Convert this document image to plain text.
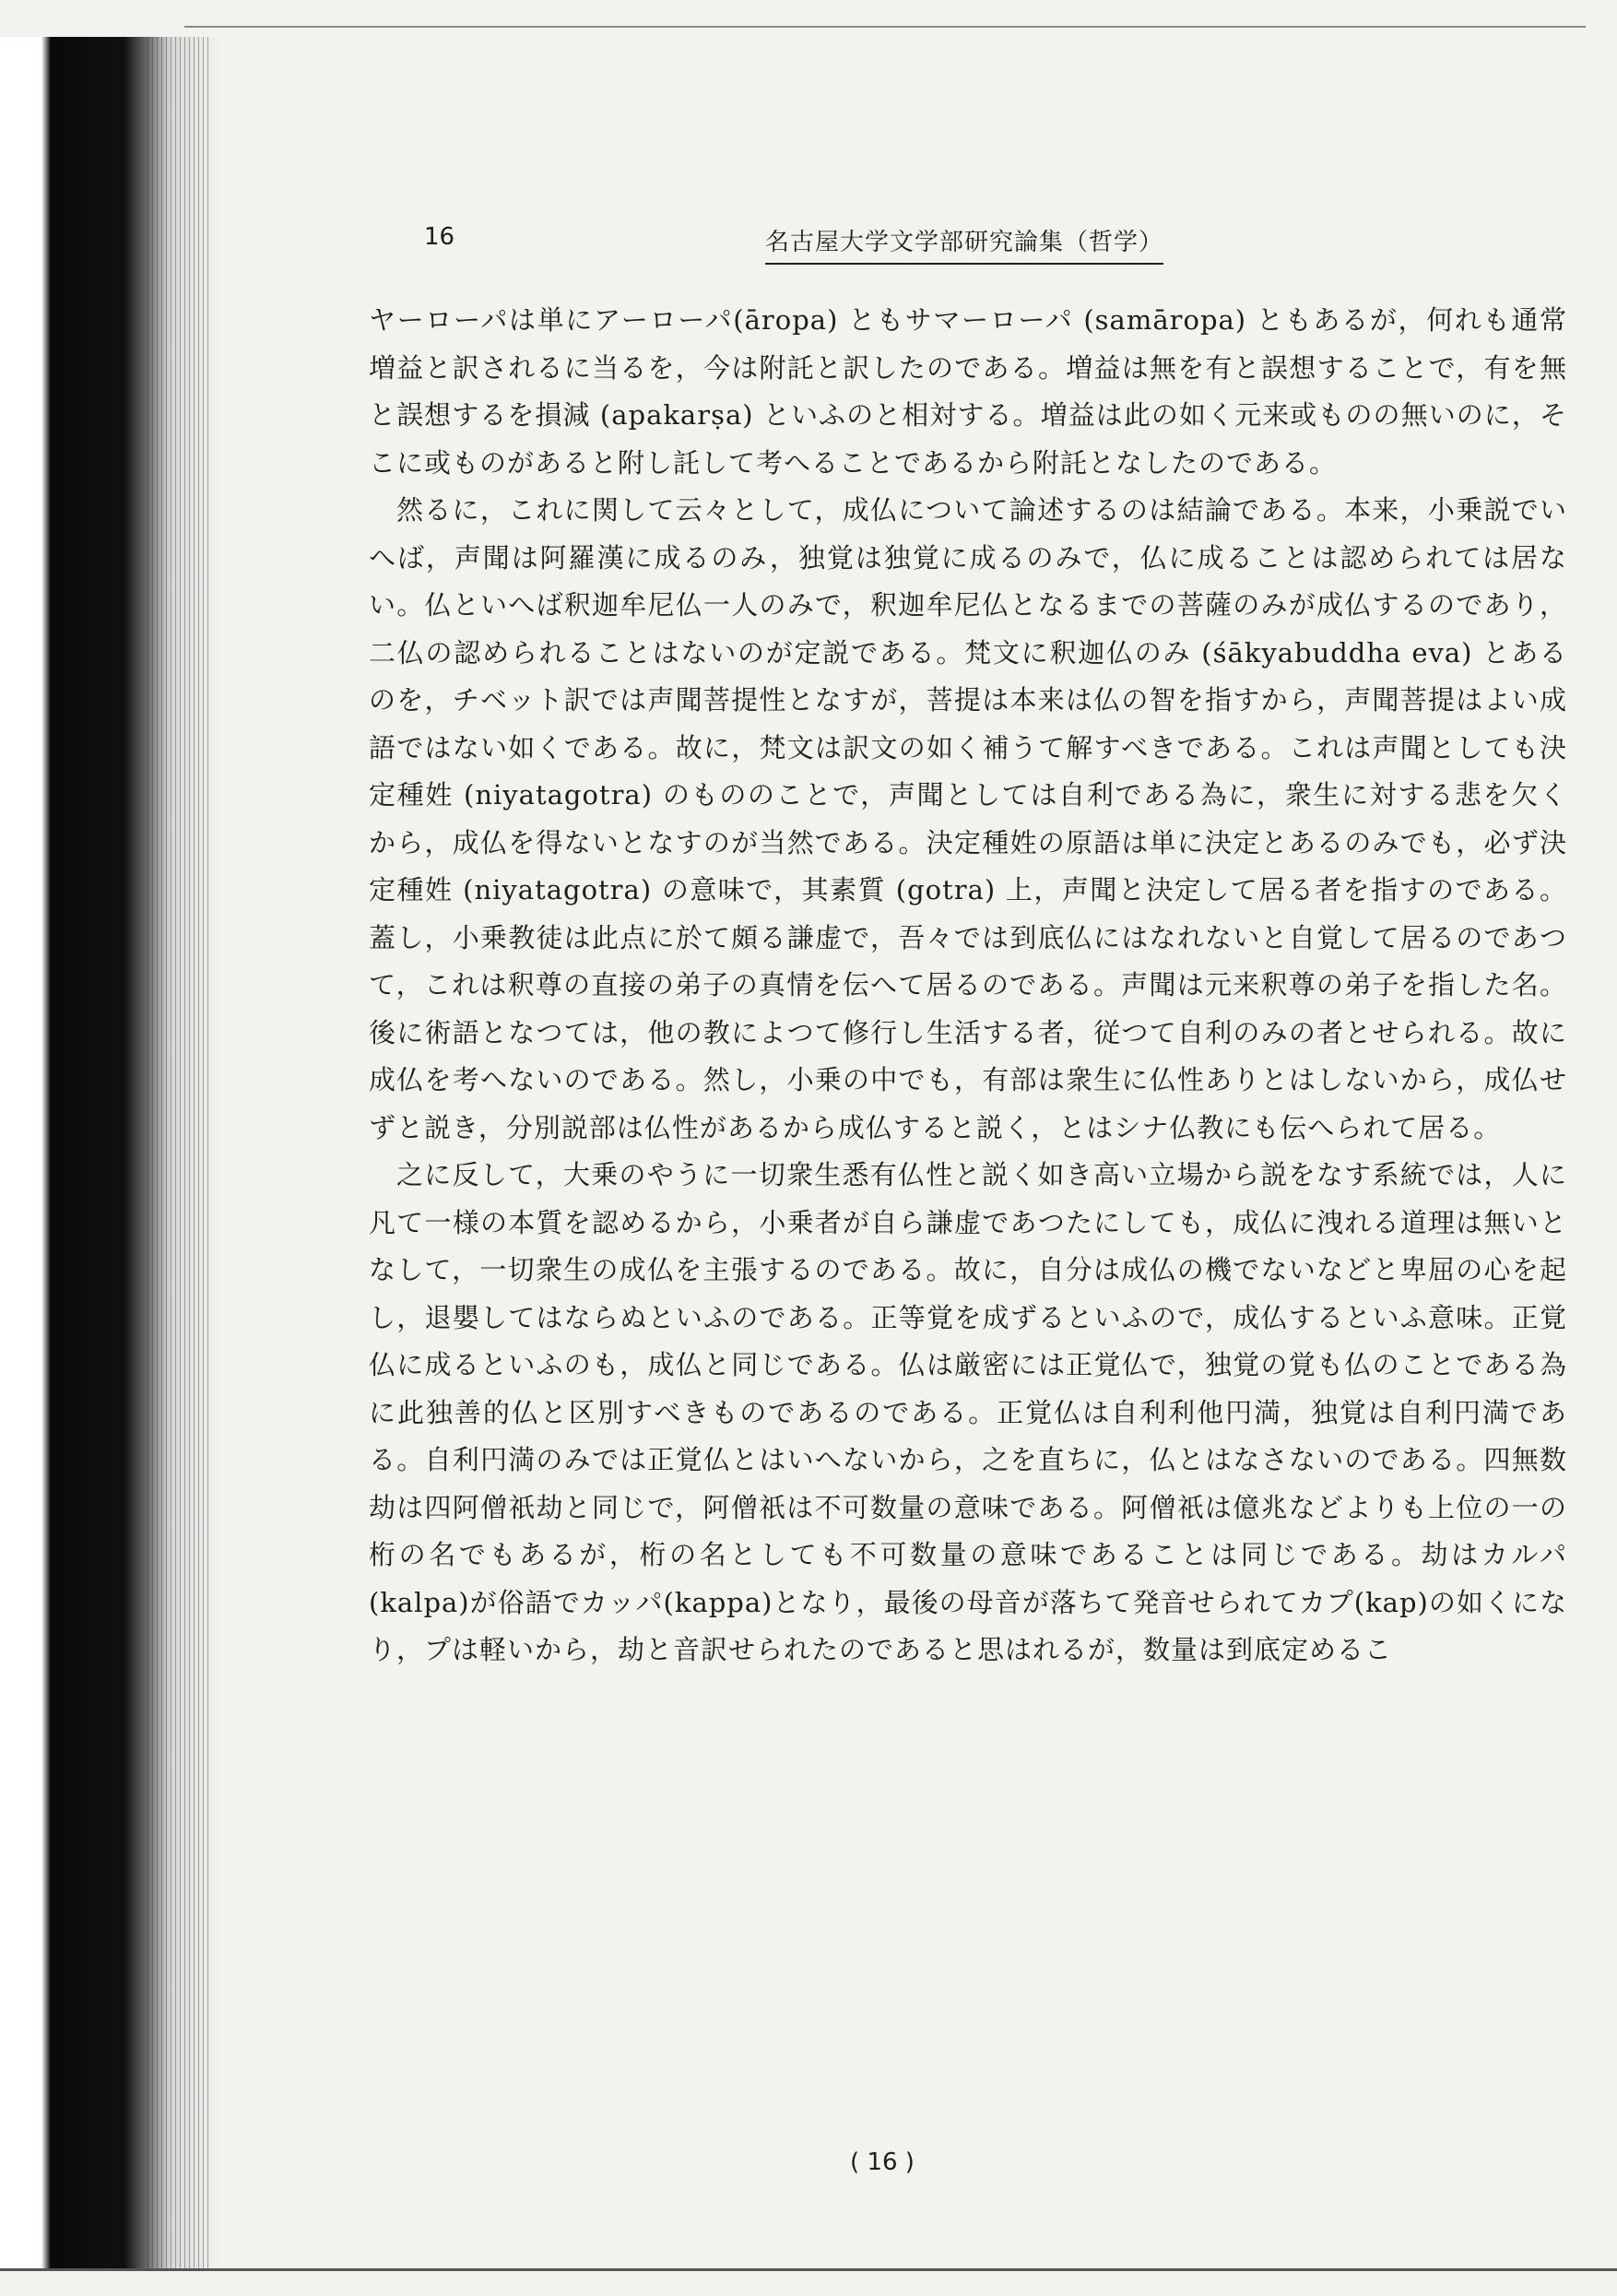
16	名古屋大学文学部研究論集（哲学）

ヤーローパは単にアーローパ(āropa) ともサマーローパ (samāropa) ともあるが，何れも通常増益と訳されるに当るを，今は附託と訳したのである。増益は無を有と誤想することで，有を無と誤想するを損減 (apakarṣa) といふのと相対する。増益は此の如く元来或ものの無いのに，そこに或ものがあると附し託して考へることであるから附託となしたのである。

然るに，これに関して云々として，成仏について論述するのは結論である。本来，小乗説でいへば，声聞は阿羅漢に成るのみ，独覚は独覚に成るのみで，仏に成ることは認められては居ない。仏といへば釈迦牟尼仏一人のみで，釈迦牟尼仏となるまでの菩薩のみが成仏するのであり，二仏の認められることはないのが定説である。梵文に釈迦仏のみ (śākyabuddha eva) とあるのを，チベット訳では声聞菩提性となすが，菩提は本来は仏の智を指すから，声聞菩提はよい成語ではない如くである。故に，梵文は訳文の如く補うて解すべきである。これは声聞としても決定種姓 (niyatagotra) のもののことで，声聞としては自利である為に，衆生に対する悲を欠くから，成仏を得ないとなすのが当然である。決定種姓の原語は単に決定とあるのみでも，必ず決定種姓 (niyatagotra) の意味で，其素質 (gotra) 上，声聞と決定して居る者を指すのである。蓋し，小乗教徒は此点に於て頗る謙虚で，吾々では到底仏にはなれないと自覚して居るのであつて，これは釈尊の直接の弟子の真情を伝へて居るのである。声聞は元来釈尊の弟子を指した名。後に術語となつては，他の教によつて修行し生活する者，従つて自利のみの者とせられる。故に成仏を考へないのである。然し，小乗の中でも，有部は衆生に仏性ありとはしないから，成仏せずと説き，分別説部は仏性があるから成仏すると説く，とはシナ仏教にも伝へられて居る。

之に反して，大乗のやうに一切衆生悉有仏性と説く如き高い立場から説をなす系統では，人に凡て一様の本質を認めるから，小乗者が自ら謙虚であつたにしても，成仏に洩れる道理は無いとなして，一切衆生の成仏を主張するのである。故に，自分は成仏の機でないなどと卑屈の心を起し，退嬰してはならぬといふのである。正等覚を成ずるといふので，成仏するといふ意味。正覚仏に成るといふのも，成仏と同じである。仏は厳密には正覚仏で，独覚の覚も仏のことである為に此独善的仏と区別すべきものであるのである。正覚仏は自利利他円満，独覚は自利円満である。自利円満のみでは正覚仏とはいへないから，之を直ちに，仏とはなさないのである。四無数劫は四阿僧祇劫と同じで，阿僧祇は不可数量の意味である。阿僧祇は億兆などよりも上位の一の桁の名でもあるが，桁の名としても不可数量の意味であることは同じである。劫はカルパ(kalpa)が俗語でカッパ(kappa)となり，最後の母音が落ちて発音せられてカプ(kap)の如くになり，プは軽いから，劫と音訳せられたのであると思はれるが，数量は到底定めるこ

( 16 )
